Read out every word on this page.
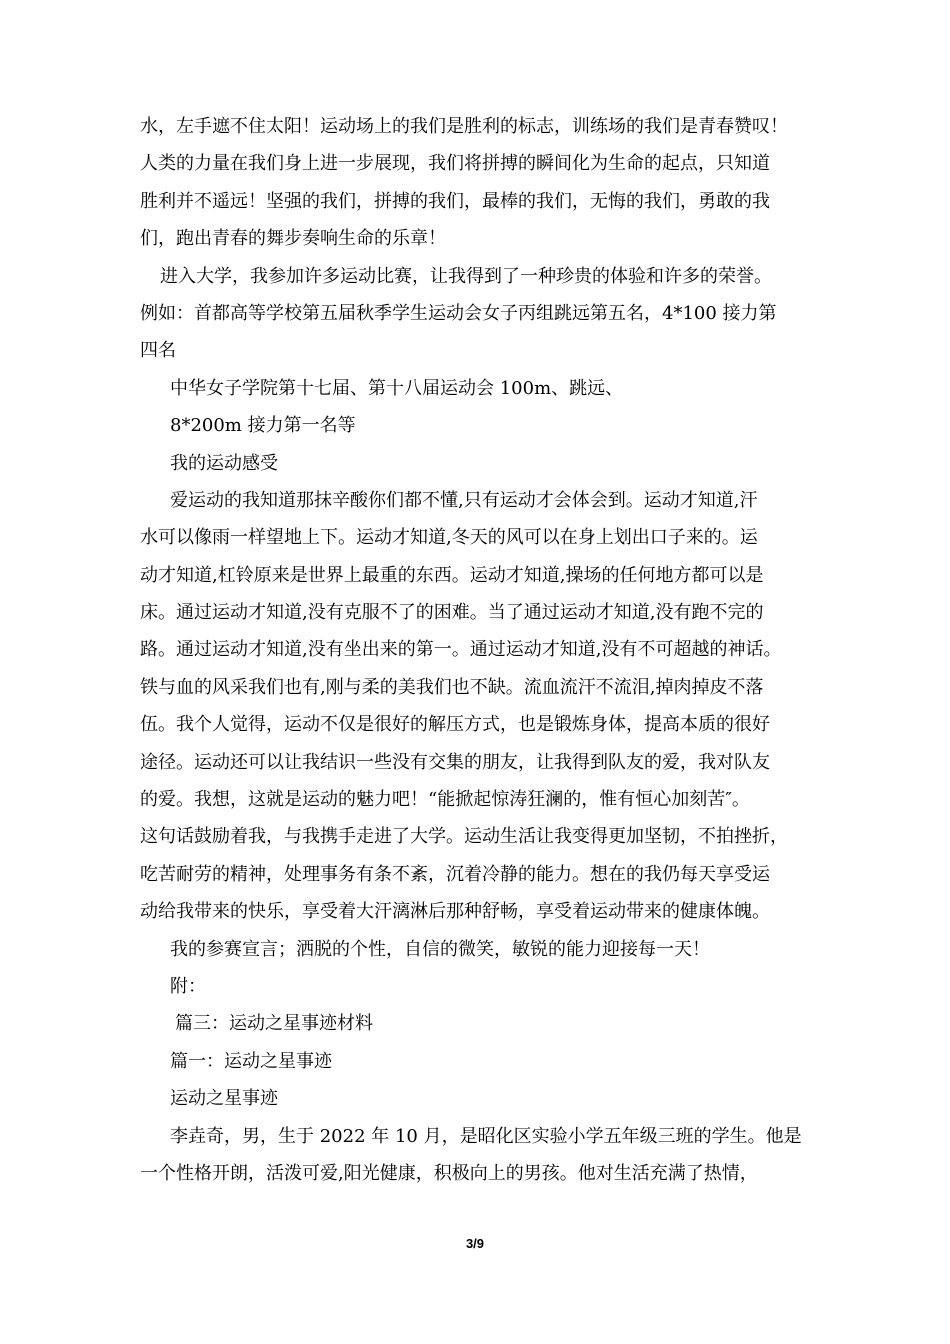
水，左手遮不住太阳！运动场上的我们是胜利的标志，训练场的我们是青春赞叹！
人类的力量在我们身上进一步展现，我们将拼搏的瞬间化为生命的起点，只知道
胜利并不遥远！坚强的我们，拼搏的我们，最棒的我们，无悔的我们，勇敢的我
们，跑出青春的舞步奏响生命的乐章！
进入大学，我参加许多运动比赛，让我得到了一种珍贵的体验和许多的荣誉。
例如：首都高等学校第五届秋季学生运动会女子丙组跳远第五名，4*100 接力第
四名
中华女子学院第十七届、第十八届运动会 100m、跳远、
8*200m 接力第一名等
我的运动感受
爱运动的我知道那抹辛酸你们都不懂,只有运动才会体会到。运动才知道,汗
水可以像雨一样望地上下。运动才知道,冬天的风可以在身上划出口子来的。运
动才知道,杠铃原来是世界上最重的东西。运动才知道,操场的任何地方都可以是
床。通过运动才知道,没有克服不了的困难。当了通过运动才知道,没有跑不完的
路。通过运动才知道,没有坐出来的第一。通过运动才知道,没有不可超越的神话。
铁与血的风采我们也有,刚与柔的美我们也不缺。流血流汗不流泪,掉肉掉皮不落
伍。我个人觉得，运动不仅是很好的解压方式，也是锻炼身体，提高本质的很好
途径。运动还可以让我结识一些没有交集的朋友，让我得到队友的爱，我对队友
的爱。我想，这就是运动的魅力吧！“能掀起惊涛狂澜的，惟有恒心加刻苦″。
这句话鼓励着我，与我携手走进了大学。运动生活让我变得更加坚韧，不拍挫折，
吃苦耐劳的精神，处理事务有条不紊，沉着冷静的能力。想在的我仍每天享受运
动给我带来的快乐，享受着大汗漓淋后那种舒畅，享受着运动带来的健康体魄。
我的参赛宣言；洒脱的个性，自信的微笑，敏锐的能力迎接每一天！
附：
篇三：运动之星事迹材料
篇一：运动之星事迹
运动之星事迹
李垚奇，男，生于 2022 年 10 月，是昭化区实验小学五年级三班的学生。他是
一个性格开朗，活泼可爱,阳光健康，积极向上的男孩。他对生活充满了热情，
3/9
